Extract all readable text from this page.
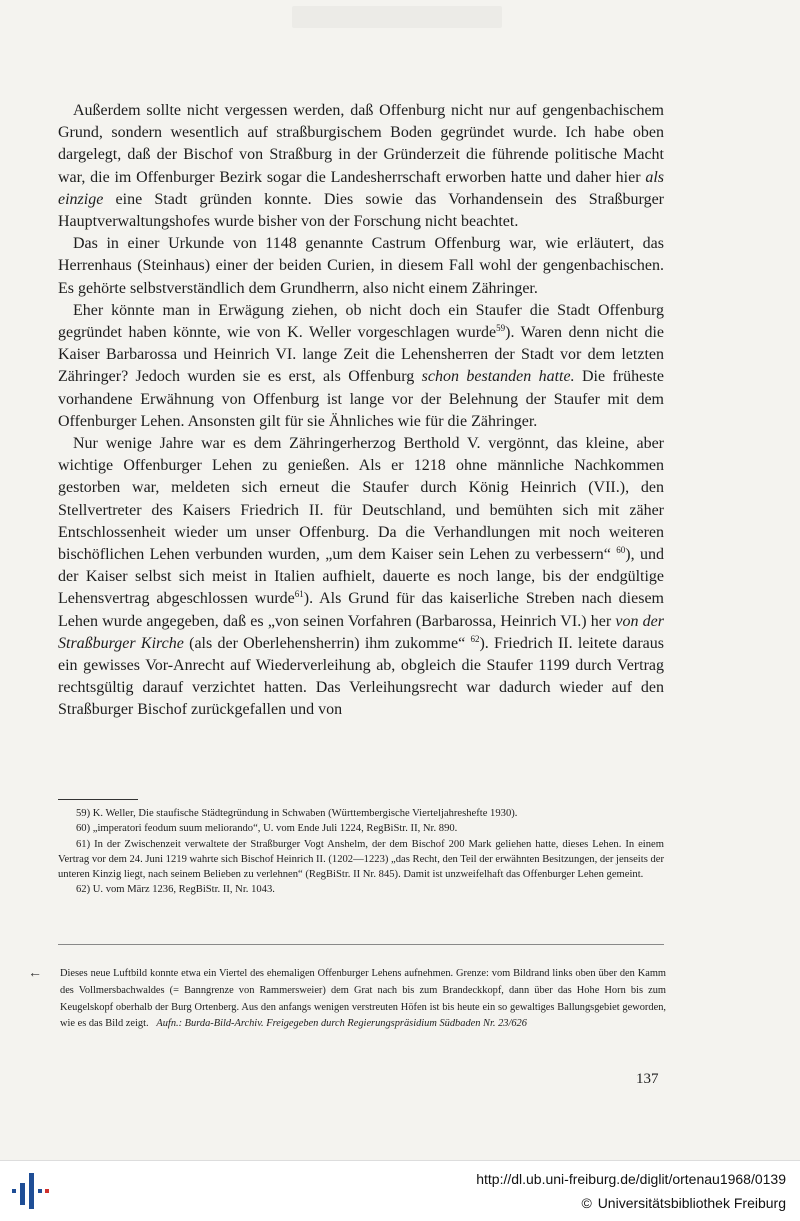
Außerdem sollte nicht vergessen werden, daß Offenburg nicht nur auf gengenbachischem Grund, sondern wesentlich auf straßburgischem Boden gegründet wurde. Ich habe oben dargelegt, daß der Bischof von Straßburg in der Gründerzeit die führende politische Macht war, die im Offenburger Bezirk sogar die Landesherrschaft erworben hatte und daher hier als einzige eine Stadt gründen konnte. Dies sowie das Vorhandensein des Straßburger Hauptverwaltungshofes wurde bisher von der Forschung nicht beachtet.

Das in einer Urkunde von 1148 genannte Castrum Offenburg war, wie erläutert, das Herrenhaus (Steinhaus) einer der beiden Curien, in diesem Fall wohl der gengenbachischen. Es gehörte selbstverständlich dem Grundherrn, also nicht einem Zähringer.

Eher könnte man in Erwägung ziehen, ob nicht doch ein Staufer die Stadt Offenburg gegründet haben könnte, wie von K. Weller vorgeschlagen wurde$^{59}$). Waren denn nicht die Kaiser Barbarossa und Heinrich VI. lange Zeit die Lehensherren der Stadt vor dem letzten Zähringer? Jedoch wurden sie es erst, als Offenburg schon bestanden hatte. Die früheste vorhandene Erwähnung von Offenburg ist lange vor der Belehnung der Staufer mit dem Offenburger Lehen. Ansonsten gilt für sie Ähnliches wie für die Zähringer.

Nur wenige Jahre war es dem Zähringerherzog Berthold V. vergönnt, das kleine, aber wichtige Offenburger Lehen zu genießen. Als er 1218 ohne männliche Nachkommen gestorben war, meldeten sich erneut die Staufer durch König Heinrich (VII.), den Stellvertreter des Kaisers Friedrich II. für Deutschland, und bemühten sich mit zäher Entschlossenheit wieder um unser Offenburg. Da die Verhandlungen mit noch weiteren bischöflichen Lehen verbunden wurden, „um dem Kaiser sein Lehen zu verbessern“ $^{60}$), und der Kaiser selbst sich meist in Italien aufhielt, dauerte es noch lange, bis der endgültige Lehensvertrag abgeschlossen wurde$^{61}$). Als Grund für das kaiserliche Streben nach diesem Lehen wurde angegeben, daß es „von seinen Vorfahren (Barbarossa, Heinrich VI.) her von der Straßburger Kirche (als der Oberlehensherrin) ihm zukomme“ $^{62}$). Friedrich II. leitete daraus ein gewisses Vor-Anrecht auf Wiederverleihung ab, obgleich die Staufer 1199 durch Vertrag rechtsgültig darauf verzichtet hatten. Das Verleihungsrecht war dadurch wieder auf den Straßburger Bischof zurückgefallen und von

59) K. Weller, Die staufische Städtegründung in Schwaben (Württembergische Vierteljahreshefte 1930).

60) „imperatori feodum suum meliorando“, U. vom Ende Juli 1224, RegBiStr. II, Nr. 890.

61) In der Zwischenzeit verwaltete der Straßburger Vogt Anshelm, der dem Bischof 200 Mark geliehen hatte, dieses Lehen. In einem Vertrag vor dem 24. Juni 1219 wahrte sich Bischof Heinrich II. (1202—1223) „das Recht, den Teil der erwähnten Besitzungen, der jenseits der unteren Kinzig liegt, nach seinem Belieben zu verlehnen“ (RegBiStr. II Nr. 845). Damit ist unzweifelhaft das Offenburger Lehen gemeint.

62) U. vom März 1236, RegBiStr. II, Nr. 1043.

← Dieses neue Luftbild konnte etwa ein Viertel des ehemaligen Offenburger Lehens aufnehmen. Grenze: vom Bildrand links oben über den Kamm des Vollmersbachwaldes (= Banngrenze von Rammersweier) dem Grat nach bis zum Brandeckkopf, dann über das Hohe Horn bis zum Keugelskopf oberhalb der Burg Ortenberg. Aus den anfangs wenigen verstreuten Höfen ist bis heute ein so gewaltiges Ballungsgebiet geworden, wie es das Bild zeigt. Aufn.: Burda-Bild-Archiv. Freigegeben durch Regierungspräsidium Südbaden Nr. 23/626
137
http://dl.ub.uni-freiburg.de/diglit/ortenau1968/0139
© Universitätsbibliothek Freiburg
